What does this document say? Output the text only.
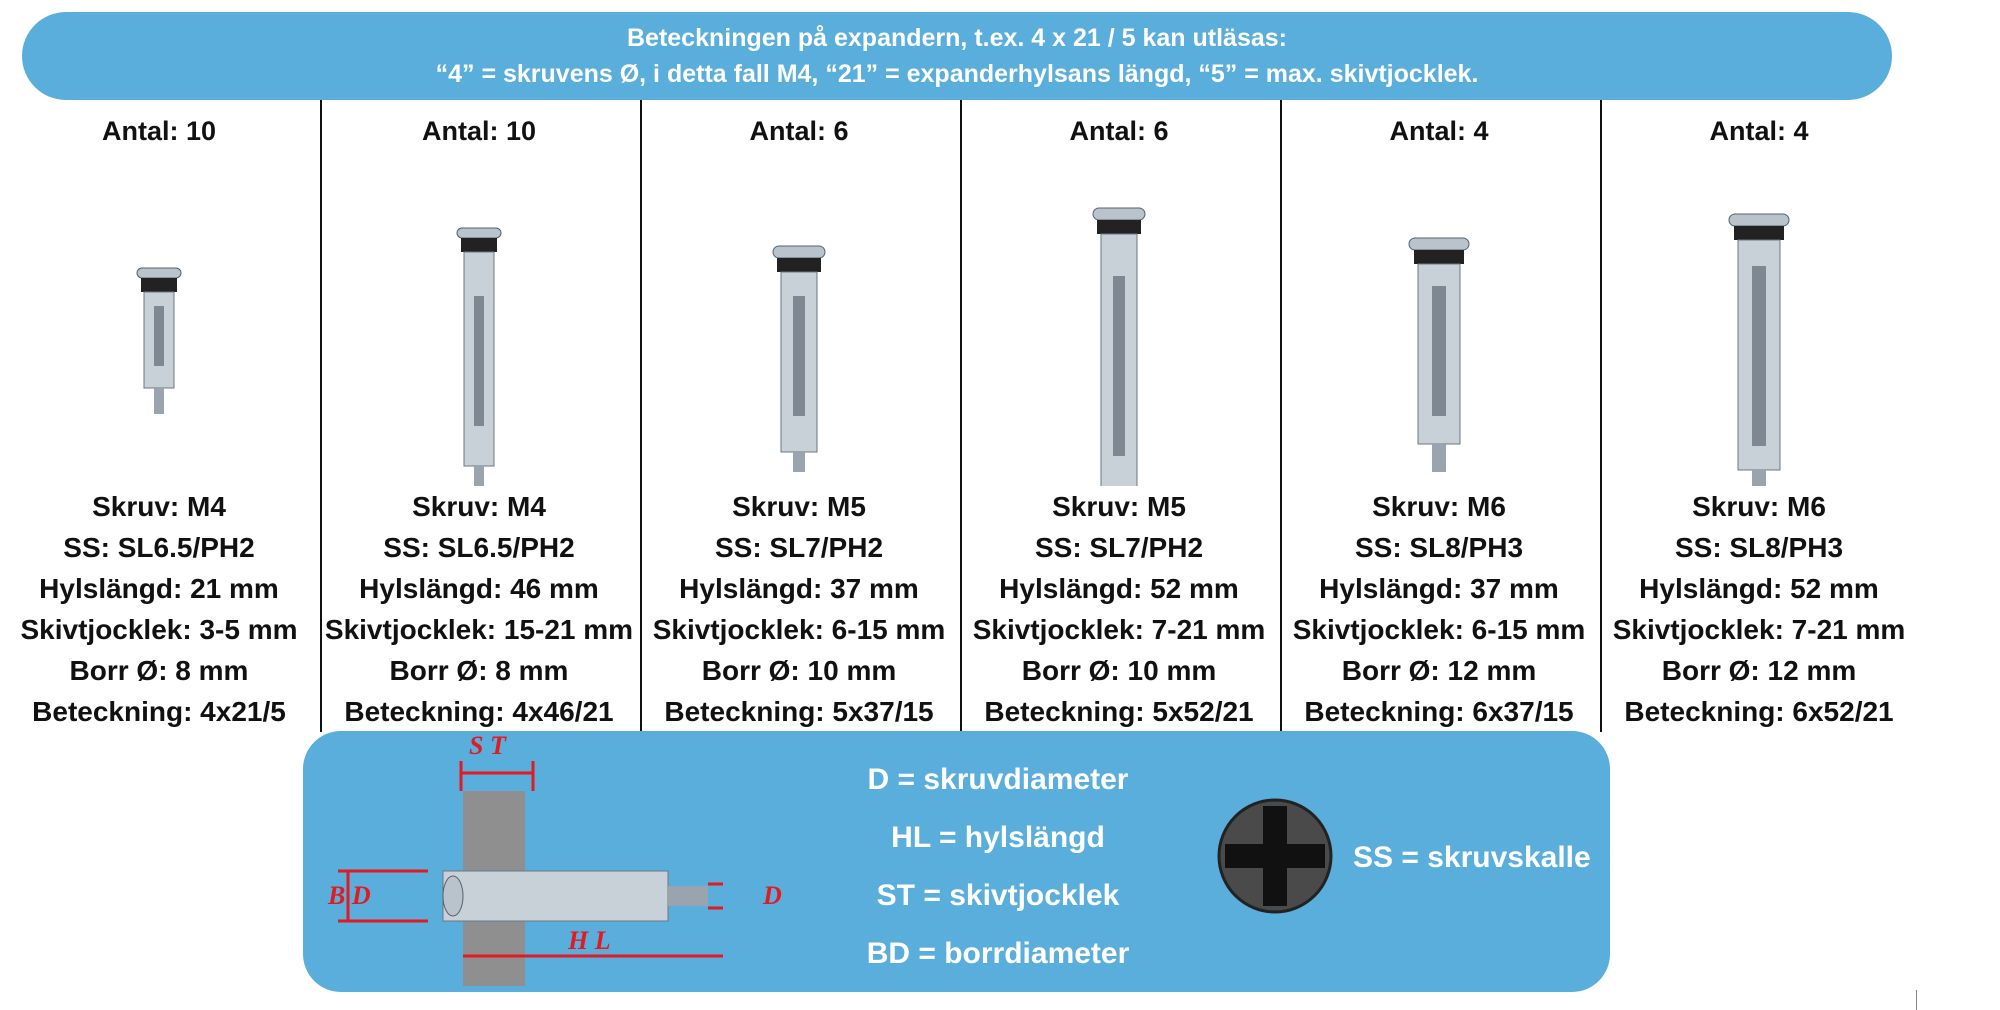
Beteckningen på expandern, t.ex. 4 x 21 / 5 kan utläsas:
“4” = skruvens Ø, i detta fall M4, “21” = expanderhylsans längd, “5” = max. skivtjocklek.
Antal: 10
Skruv: M4
SS: SL6.5/PH2
Hylslängd: 21 mm
Skivtjocklek: 3-5 mm
Borr Ø: 8 mm
Beteckning: 4x21/5
Antal: 10
Skruv: M4
SS: SL6.5/PH2
Hylslängd: 46 mm
Skivtjocklek: 15-21 mm
Borr Ø: 8 mm
Beteckning: 4x46/21
Antal: 6
Skruv: M5
SS: SL7/PH2
Hylslängd: 37 mm
Skivtjocklek: 6-15 mm
Borr Ø: 10 mm
Beteckning: 5x37/15
Antal: 6
Skruv: M5
SS: SL7/PH2
Hylslängd: 52 mm
Skivtjocklek: 7-21 mm
Borr Ø: 10 mm
Beteckning: 5x52/21
Antal: 4
Skruv: M6
SS: SL8/PH3
Hylslängd: 37 mm
Skivtjocklek: 6-15 mm
Borr Ø: 12 mm
Beteckning: 6x37/15
Antal: 4
Skruv: M6
SS: SL8/PH3
Hylslängd: 52 mm
Skivtjocklek: 7-21 mm
Borr Ø: 12 mm
Beteckning: 6x52/21
S T
B D	D
H L
D = skruvdiameter
HL = hylslängd
ST = skivtjocklek
BD = borrdiameter
SS = skruvskalle
